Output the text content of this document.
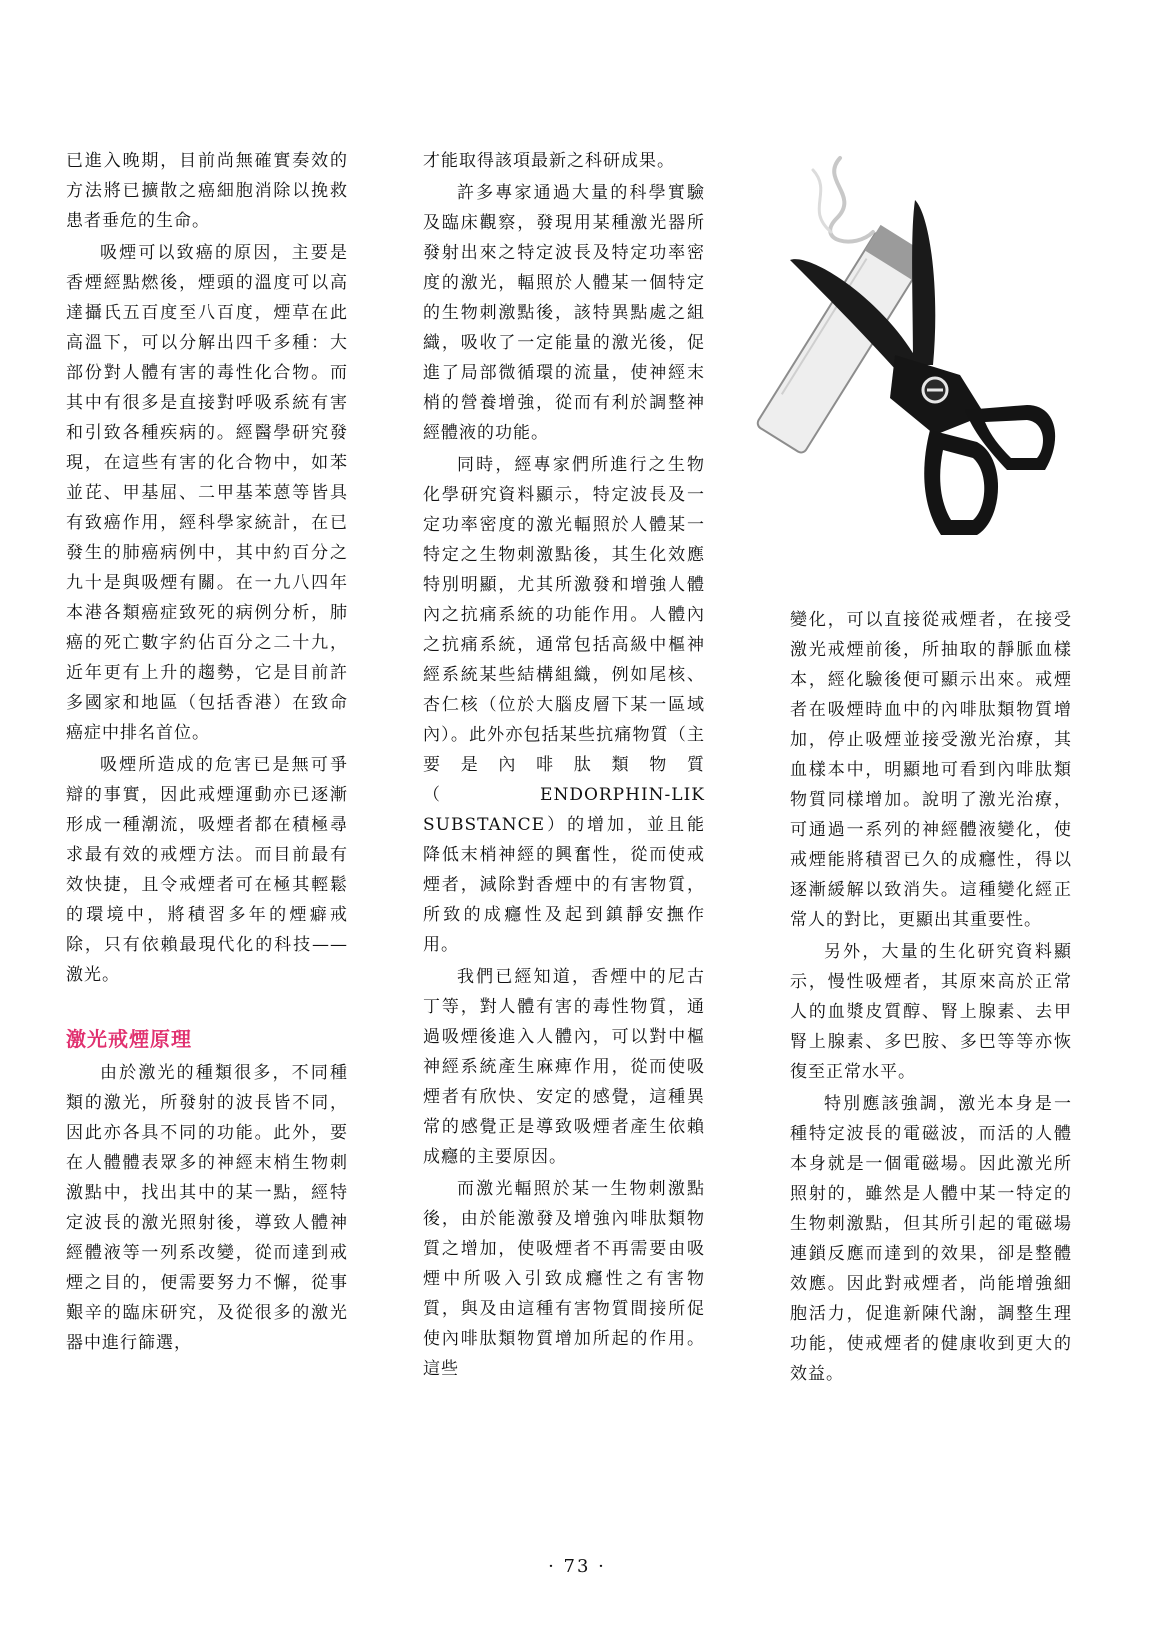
已進入晚期，目前尚無確實奏效的方法將已擴散之癌細胞消除以挽救患者垂危的生命。

吸煙可以致癌的原因，主要是香煙經點燃後，煙頭的溫度可以高達攝氏五百度至八百度，煙草在此高溫下，可以分解出四千多種：大部份對人體有害的毒性化合物。而其中有很多是直接對呼吸系統有害和引致各種疾病的。經醫學研究發現，在這些有害的化合物中，如苯並芘、甲基屈、二甲基苯蒽等皆具有致癌作用，經科學家統計，在已發生的肺癌病例中，其中約百分之九十是與吸煙有關。在一九八四年本港各類癌症致死的病例分析，肺癌的死亡數字約佔百分之二十九，近年更有上升的趨勢，它是目前許多國家和地區（包括香港）在致命癌症中排名首位。

吸煙所造成的危害已是無可爭辯的事實，因此戒煙運動亦已逐漸形成一種潮流，吸煙者都在積極尋求最有效的戒煙方法。而目前最有效快捷，且令戒煙者可在極其輕鬆的環境中，將積習多年的煙癖戒除，只有依賴最現代化的科技——激光。

激光戒煙原理

由於激光的種類很多，不同種類的激光，所發射的波長皆不同，因此亦各具不同的功能。此外，要在人體體表眾多的神經末梢生物刺激點中，找出其中的某一點，經特定波長的激光照射後，導致人體神經體液等一列系改變，從而達到戒煙之目的，便需要努力不懈，從事艱辛的臨床研究，及從很多的激光器中進行篩選，

才能取得該項最新之科研成果。

許多專家通過大量的科學實驗及臨床觀察，發現用某種激光器所發射出來之特定波長及特定功率密度的激光，輻照於人體某一個特定的生物刺激點後，該特異點處之組織，吸收了一定能量的激光後，促進了局部微循環的流量，使神經末梢的營養增強，從而有利於調整神經體液的功能。

同時，經專家們所進行之生物化學研究資料顯示，特定波長及一定功率密度的激光輻照於人體某一特定之生物刺激點後，其生化效應特別明顯，尤其所激發和增強人體內之抗痛系統的功能作用。人體內之抗痛系統，通常包括高級中樞神經系統某些結構組織，例如尾核、杏仁核（位於大腦皮層下某一區域內）。此外亦包括某些抗痛物質（主要是內啡肽類物質（ENDORPHIN-LIK SUBSTANCE）的增加，並且能降低末梢神經的興奮性，從而使戒煙者，減除對香煙中的有害物質，所致的成癮性及起到鎮靜安撫作用。

我們已經知道，香煙中的尼古丁等，對人體有害的毒性物質，通過吸煙後進入人體內，可以對中樞神經系統產生麻痺作用，從而使吸煙者有欣快、安定的感覺，這種異常的感覺正是導致吸煙者產生依賴成癮的主要原因。

而激光輻照於某一生物刺激點後，由於能激發及增強內啡肽類物質之增加，使吸煙者不再需要由吸煙中所吸入引致成癮性之有害物質，與及由這種有害物質間接所促使內啡肽類物質增加所起的作用。這些

變化，可以直接從戒煙者，在接受激光戒煙前後，所抽取的靜脈血樣本，經化驗後便可顯示出來。戒煙者在吸煙時血中的內啡肽類物質增加，停止吸煙並接受激光治療，其血樣本中，明顯地可看到內啡肽類物質同樣增加。說明了激光治療，可通過一系列的神經體液變化，使戒煙能將積習已久的成癮性，得以逐漸緩解以致消失。這種變化經正常人的對比，更顯出其重要性。

另外，大量的生化研究資料顯示，慢性吸煙者，其原來高於正常人的血漿皮質醇、腎上腺素、去甲腎上腺素、多巴胺、多巴等等亦恢復至正常水平。

特別應該強調，激光本身是一種特定波長的電磁波，而活的人體本身就是一個電磁場。因此激光所照射的，雖然是人體中某一特定的生物刺激點，但其所引起的電磁場連鎖反應而達到的效果，卻是整體效應。因此對戒煙者，尚能增強細胞活力，促進新陳代謝，調整生理功能，使戒煙者的健康收到更大的效益。

· 73 ·
